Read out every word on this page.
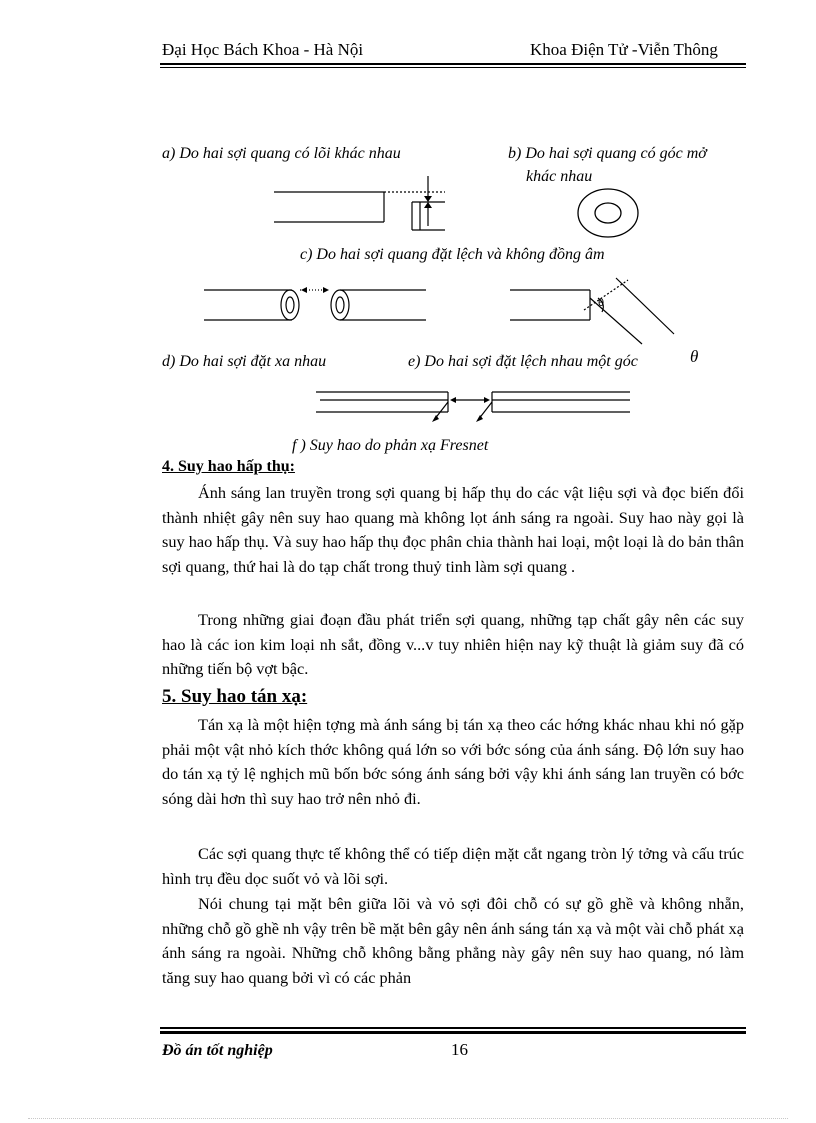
Đại Học Bách Khoa - Hà Nội	Khoa Điện Tử -Viễn Thông
a) Do hai sợi quang có lõi khác nhau	b) Do hai sợi quang có góc mở
khác nhau
c) Do hai sợi quang đặt lệch và không đồng âm
d) Do hai sợi đặt xa nhau	e) Do hai sợi đặt lệch nhau một góc	θ
f ) Suy hao do phản xạ Fresnet
θ
4. Suy hao hấp thụ:

Ánh sáng lan truyền trong sợi quang bị hấp thụ do các vật liệu sợi và đọc biến đổi thành nhiệt gây nên suy hao quang mà không lọt ánh sáng ra ngoài. Suy hao này gọi là suy hao hấp thụ. Và suy hao hấp thụ đọc phân chia thành hai loại, một loại là do bản thân sợi quang, thứ hai là do tạp chất trong thuỷ tinh làm sợi quang .

Trong những giai đoạn đầu phát triển sợi quang, những tạp chất gây nên các suy hao là các ion kim loại nh sắt, đồng v...v tuy nhiên hiện nay kỹ thuật là giảm suy đã có những tiến bộ vợt bậc.

5. Suy hao tán xạ:

Tán xạ là một hiện tợng mà ánh sáng bị tán xạ theo các hớng khác nhau khi nó gặp phải một vật nhỏ kích thớc không quá lớn so với bớc sóng của ánh sáng. Độ lớn suy hao do tán xạ tỷ lệ nghịch mũ bốn bớc sóng ánh sáng bởi vậy khi ánh sáng lan truyền có bớc sóng dài hơn thì suy hao trở nên nhỏ đi.

Các sợi quang thực tế không thể có tiếp diện mặt cắt ngang tròn lý tởng và cấu trúc hình trụ đều dọc suốt vỏ và lõi sợi.

Nói chung tại mặt bên giữa lõi và vỏ sợi đôi chỗ có sự gồ ghề và không nhẵn, những chỗ gồ ghề nh vậy trên bề mặt bên gây nên ánh sáng tán xạ và một vài chỗ phát xạ ánh sáng ra ngoài. Những chỗ không bằng phẳng này gây nên suy hao quang, nó làm tăng suy hao quang bởi vì có các phản

Đồ án tốt nghiệp	16
